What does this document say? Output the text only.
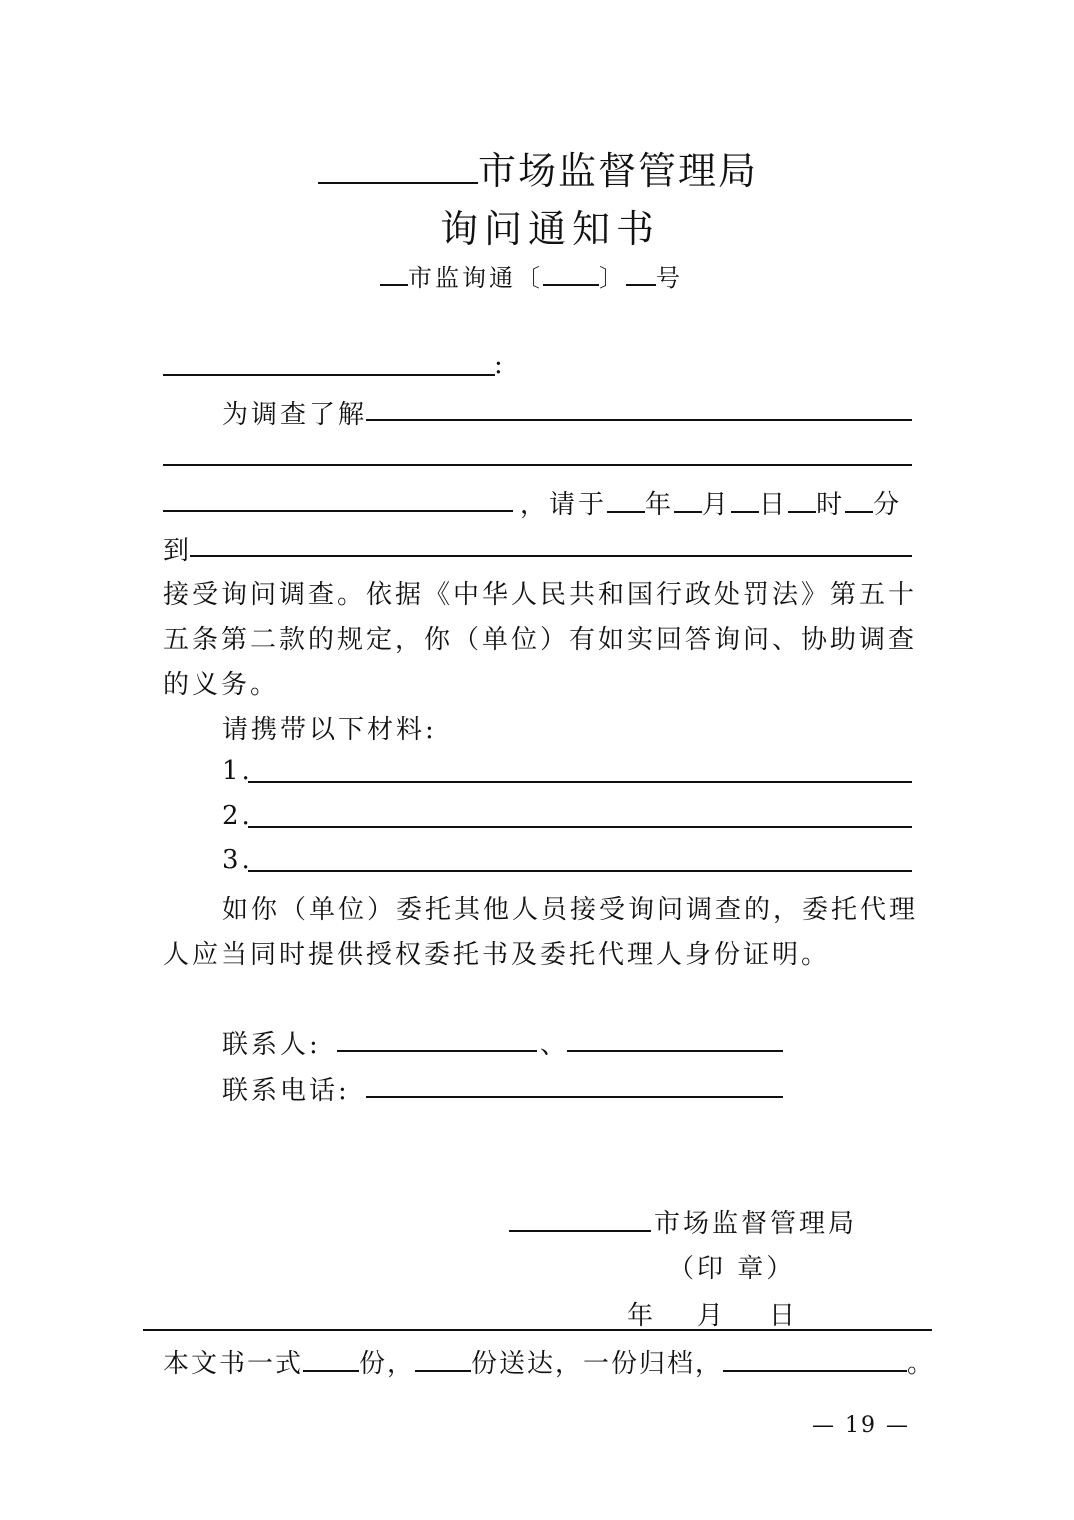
市场监督管理局
询问通知书
市监询通〔 〕 号
:
为调查了解
，请于 年 月 日 时 分
到
接受询问调查。依据《中华人民共和国行政处罚法》第五十
五条第二款的规定，你（单位）有如实回答询问、协助调查
的义务。
请携带以下材料:
1.
2.
3.
如你（单位）委托其他人员接受询问调查的，委托代理
人应当同时提供授权委托书及委托代理人身份证明。
联系人:	、
联系电话:
市场监督管理局
（印 章）
年 月 日
本文书一式 份， 份送达，一份归档，	。
— 19 —
